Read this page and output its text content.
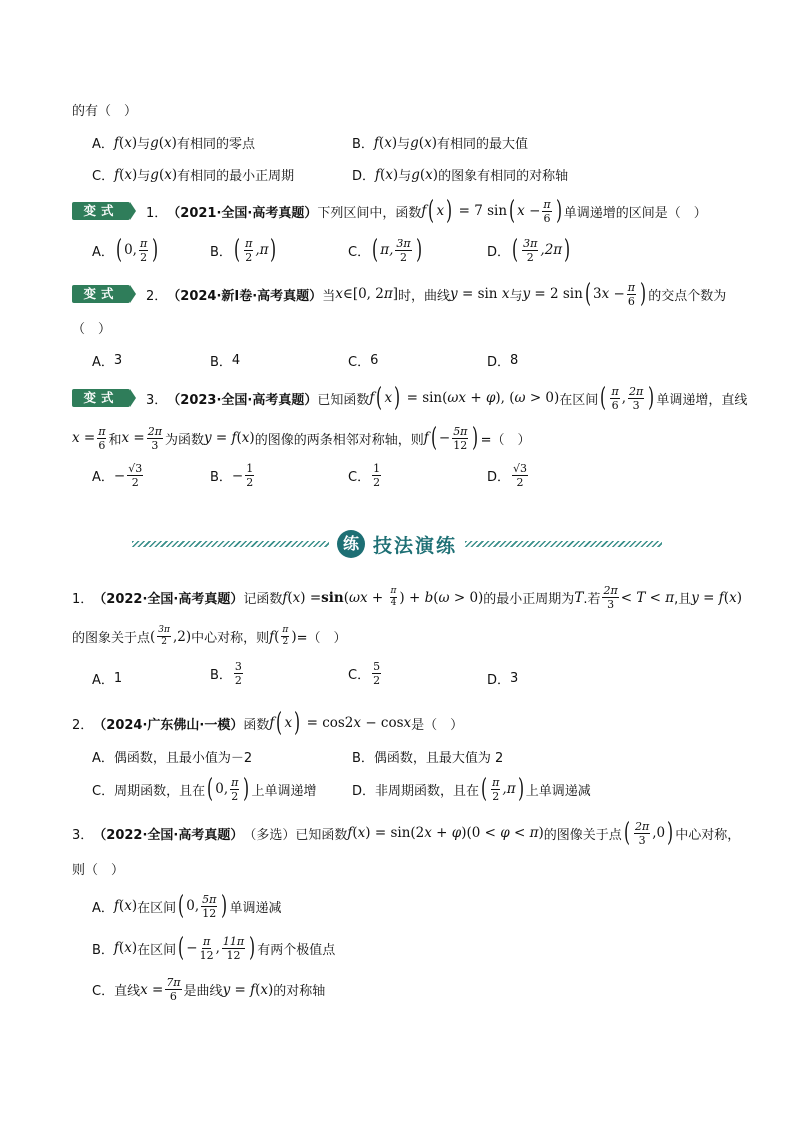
的有（　）
A． f ( x ) 与 g ( x ) 有相同的零点	B． f ( x ) 与 g ( x ) 有相同的最大值
C． f ( x ) 与 g ( x ) 有相同的最小正周期	D． f ( x ) 与 g ( x ) 的图象有相同的对称轴
变式	1． （2021·全国·高考真题） 下列区间中，函数 f ( x ) = 7 sin ( $x - \frac{\pi}{6}$ ) 单调递增的区间是（　）
A． ( 0, $\frac{\pi}{2}$ )	B． ( $\frac{\pi}{2} ,\pi$ )	C． ( π, $\frac{3\pi}{2}$ )	D． ( $\frac{3\pi}{2} ,2\pi$ )
变式	2． （2024·新Ⅰ卷·高考真题） 当 x ∈[0, 2 π ] 时，曲线 y = sin x 与 y = 2 sin ( 3 $x - \frac{\pi}{6}$ ) 的交点个数为
（　）
A． 3	B． 4	C． 6	D． 8
变式	3． （2023·全国·高考真题） 已知函数 f ( x ) = sin( ωx + φ ), ( ω > 0) 在区间 ( $\frac{\pi}{6}$ , $\frac{2\pi}{3}$ ) 单调递增，直线
$x = \frac{\pi}{6}$ 和 $x = \frac{2\pi}{3}$ 为函数 y = f ( x ) 的图像的两条相邻对称轴，则 f ( − $\frac{5\pi}{12}$ ) =（　）
A． − $\frac{√3}{2}$	B． − $\frac{1}{2}$	C． $\frac{1}{2}$	D． $\frac{√3}{2}$
练 技法演练
1． （2022·全国·高考真题） 记函数 f ( x ) = sin ( $\omega x + \frac{\pi}{4}$ ) + b ( ω > 0) 的最小正周期为 T .若 $\frac{2\pi}{3} < T < \pi$ ,且 y = f ( x )
的图象关于点 ( $\frac{3\pi}{2} ,2$) 中心对称，则 f ( $\frac{\pi}{2}$ ) =（　）
A． 1	B． $\frac{3}{2}$	C． $\frac{5}{2}$	D． 3
2． （2024·广东佛山·一模） 函数 f ( x ) = cos2 x − cos x 是（　）
A．偶函数，且最小值为－2	B．偶函数，且最大值为 2
C．周期函数，且在 ( 0, $\frac{\pi}{2}$ ) 上单调递增	D．非周期函数，且在 ( $\frac{\pi}{2} ,\pi$ ) 上单调递减
3． （2022·全国·高考真题） （多选） 已知函数 f ( x ) = sin(2 x + φ )(0 < φ < π ) 的图像关于点 ( $\frac{2\pi}{3} ,0$ ) 中心对称，
则（　）
A． f ( x ) 在区间 ( 0, $\frac{5\pi}{12}$ ) 单调递减
B． f ( x ) 在区间 ( − $\frac{\pi}{12}$ , $\frac{11\pi}{12}$ ) 有两个极值点
C．直线 $x = \frac{7\pi}{6}$ 是曲线 y = f ( x ) 的对称轴
